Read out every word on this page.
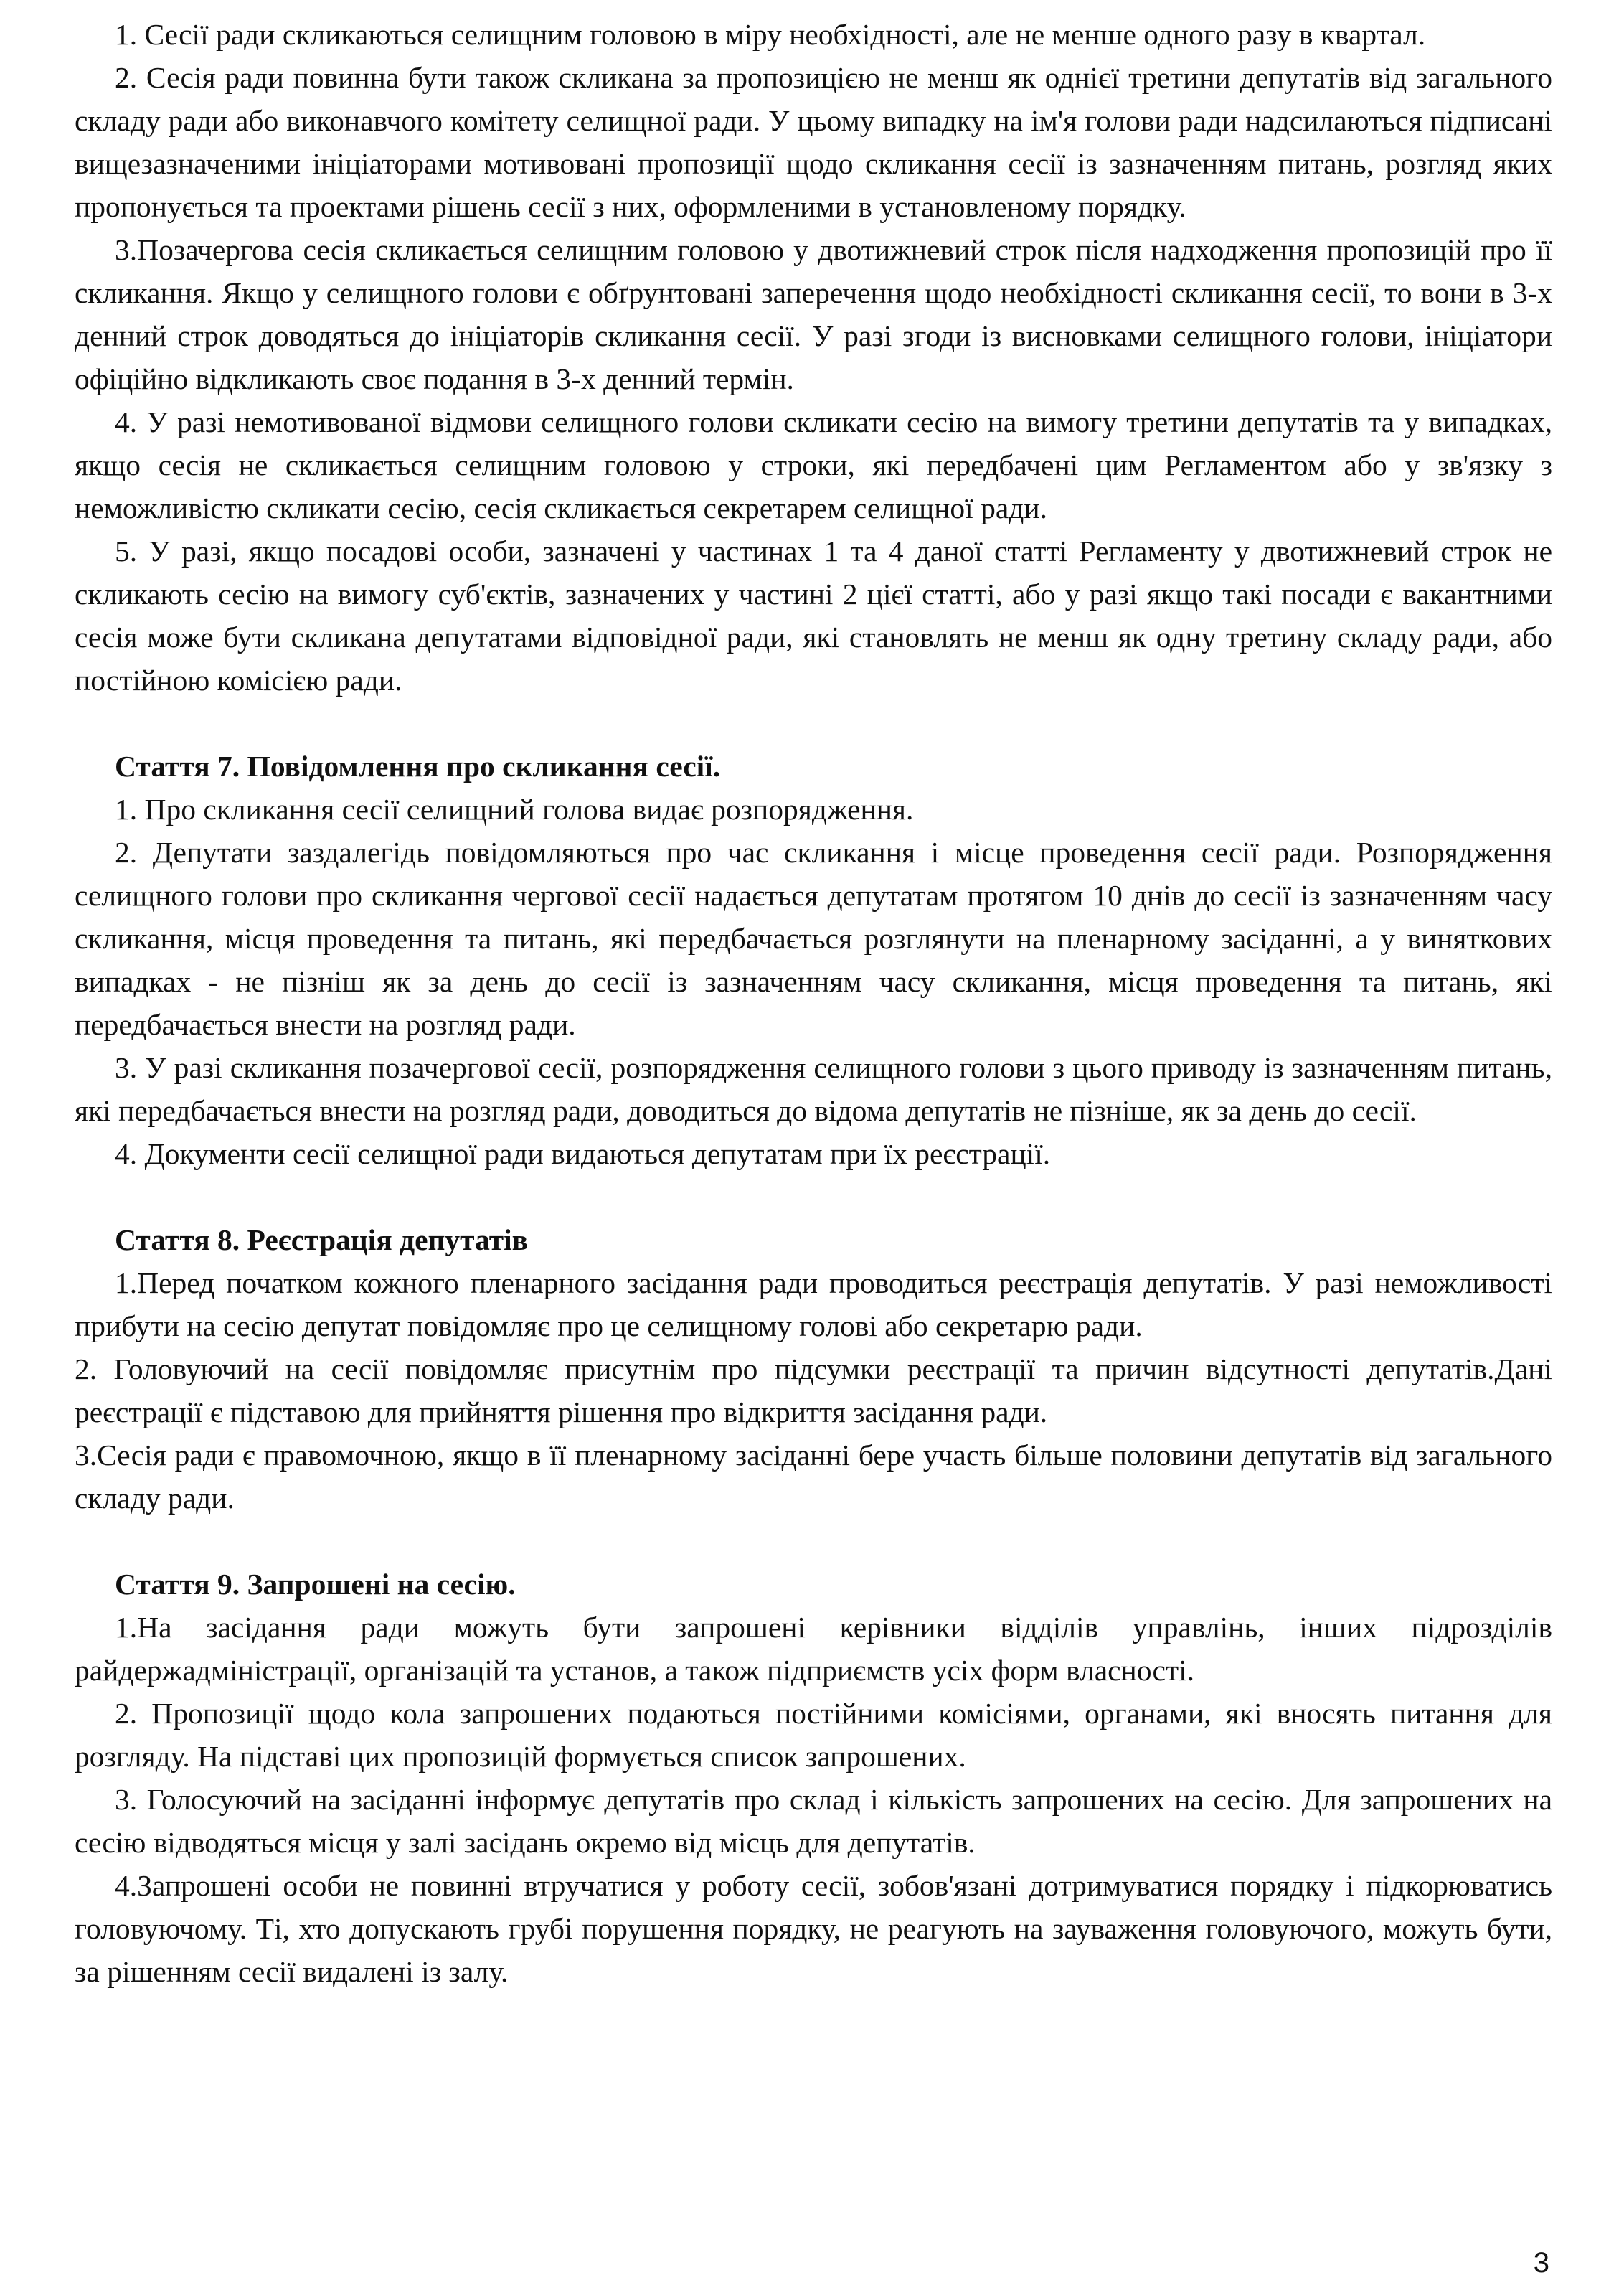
1. Сесії ради скликаються селищним головою в міру необхідності, але не менше одного разу в квартал.

2. Сесія ради повинна бути також скликана за пропозицією не менш як однієї третини депутатів від загального складу ради або виконавчого комітету селищної ради. У цьому випадку на ім'я голови ради надсилаються підписані вищезазначеними ініціаторами мотивовані пропозиції щодо скликання сесії із зазначенням питань, розгляд яких пропонується та проектами рішень сесії з них, оформленими в установленому порядку.

3.Позачергова сесія скликається селищним головою у двотижневий строк після надходження пропозицій про її скликання. Якщо у селищного голови є обґрунтовані заперечення щодо необхідності скликання сесії, то вони в 3-х денний строк доводяться до ініціаторів скликання сесії. У разі згоди із висновками селищного голови, ініціатори офіційно відкликають своє подання в 3-х денний термін.

4. У разі немотивованої відмови селищного голови скликати сесію на вимогу третини депутатів та у випадках, якщо сесія не скликається селищним головою у строки, які передбачені цим Регламентом або у зв'язку з неможливістю скликати сесію, сесія скликається секретарем селищної ради.

5. У разі, якщо посадові особи, зазначені у частинах 1 та 4 даної статті Регламенту у двотижневий строк не скликають сесію на вимогу суб'єктів, зазначених у частині 2 цієї статті, або у разі якщо такі посади є вакантними сесія може бути скликана депутатами відповідної ради, які становлять не менш як одну третину складу ради, або постійною комісією ради.

Стаття 7. Повідомлення про скликання сесії.

1. Про скликання сесії селищний голова видає розпорядження.

2. Депутати заздалегідь повідомляються про час скликання і місце проведення сесії ради. Розпорядження селищного голови про скликання чергової сесії надається депутатам протягом 10 днів до сесії із зазначенням часу скликання, місця проведення та питань, які передбачається розглянути на пленарному засіданні, а у виняткових випадках - не пізніш як за день до сесії із зазначенням часу скликання, місця проведення та питань, які передбачається внести на розгляд ради.

3. У разі скликання позачергової сесії, розпорядження селищного голови з цього приводу із зазначенням питань, які передбачається внести на розгляд ради, доводиться до відома депутатів не пізніше, як за день до сесії.

4. Документи сесії селищної ради видаються депутатам при їх реєстрації.

Стаття 8. Реєстрація депутатів

1.Перед початком кожного пленарного засідання ради проводиться реєстрація депутатів. У разі неможливості прибути на сесію депутат повідомляє про це селищному голові або секретарю ради.

2. Головуючий на сесії повідомляє присутнім про підсумки реєстрації та причин відсутності депутатів.Дані реєстрації є підставою для прийняття рішення про відкриття засідання ради.

3.Сесія ради є правомочною, якщо в її пленарному засіданні бере участь більше половини депутатів від загального складу ради.

Стаття 9. Запрошені на сесію.

1.На засідання ради можуть бути запрошені керівники відділів управлінь, інших підрозділів райдержадміністрації, організацій та установ, а також підприємств усіх форм власності.

2. Пропозиції щодо кола запрошених подаються постійними комісіями, органами, які вносять питання для розгляду. На підставі цих пропозицій формується список запрошених.

3. Голосуючий на засіданні інформує депутатів про склад і кількість запрошених на сесію. Для запрошених на сесію відводяться місця у залі засідань окремо від місць для депутатів.

4.Запрошені особи не повинні втручатися у роботу сесії, зобов'язані дотримуватися порядку і підкорюватись головуючому. Ті, хто допускають грубі порушення порядку, не реагують на зауваження головуючого, можуть бути, за рішенням сесії видалені із залу.

3
